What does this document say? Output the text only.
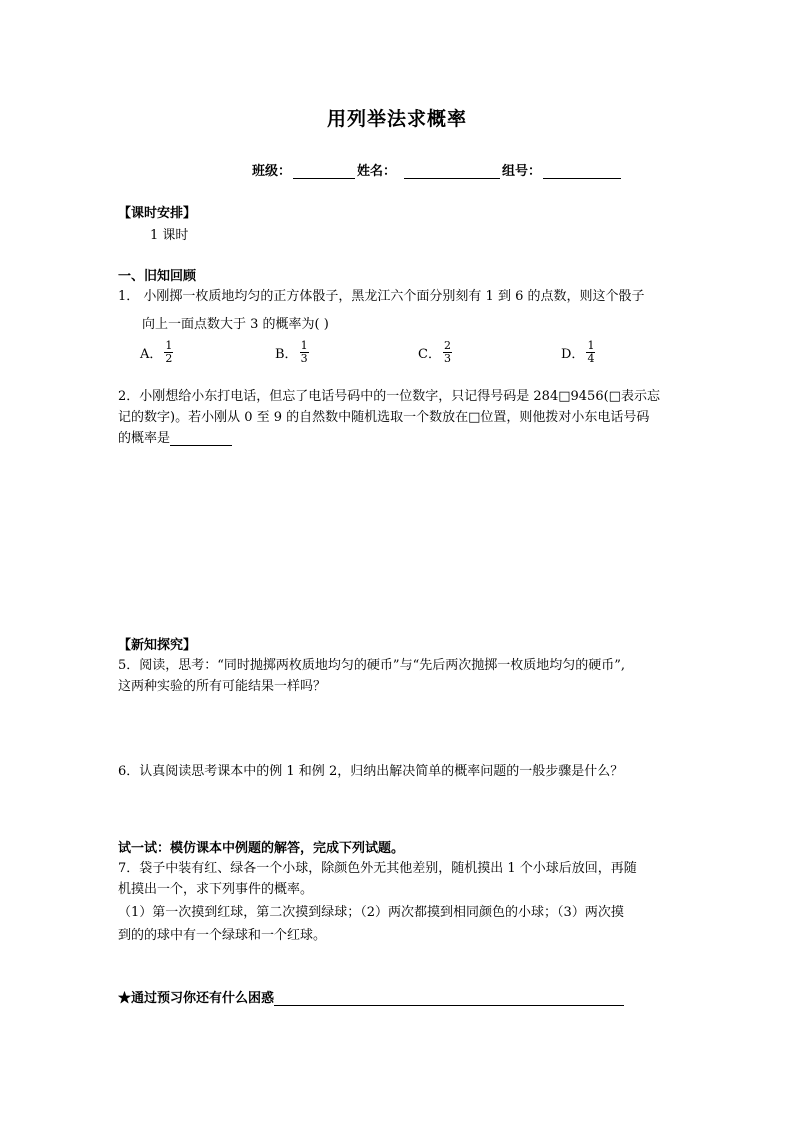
用列举法求概率
班级：	姓名：	组号：
【课时安排】
1 课时
一、旧知回顾
1． 小刚掷一枚质地均匀的正方体骰子，黑龙江六个面分别刻有 1 到 6 的点数，则这个骰子
向上一面点数大于 3 的概率为( )
A． $\frac{1}{2}$	B． $\frac{1}{3}$	C． $\frac{2}{3}$	D． $\frac{1}{4}$
2．小刚想给小东打电话，但忘了电话号码中的一位数字，只记得号码是 284□9456(□表示忘
记的数字)。若小刚从 0 至 9 的自然数中随机选取一个数放在□位置，则他拨对小东电话号码
的概率是
【新知探究】
5．阅读，思考：“同时抛掷两枚质地均匀的硬币”与“先后两次抛掷一枚质地均匀的硬币”,
这两种实验的所有可能结果一样吗？
6．认真阅读思考课本中的例 1 和例 2，归纳出解决简单的概率问题的一般步骤是什么？
试一试：模仿课本中例题的解答，完成下列试题。
7．袋子中装有红、绿各一个小球，除颜色外无其他差别，随机摸出 1 个小球后放回，再随
机摸出一个，求下列事件的概率。
（1）第一次摸到红球，第二次摸到绿球；（2）两次都摸到相同颜色的小球；（3）两次摸
到的的球中有一个绿球和一个红球。
★通过预习你还有什么困惑
